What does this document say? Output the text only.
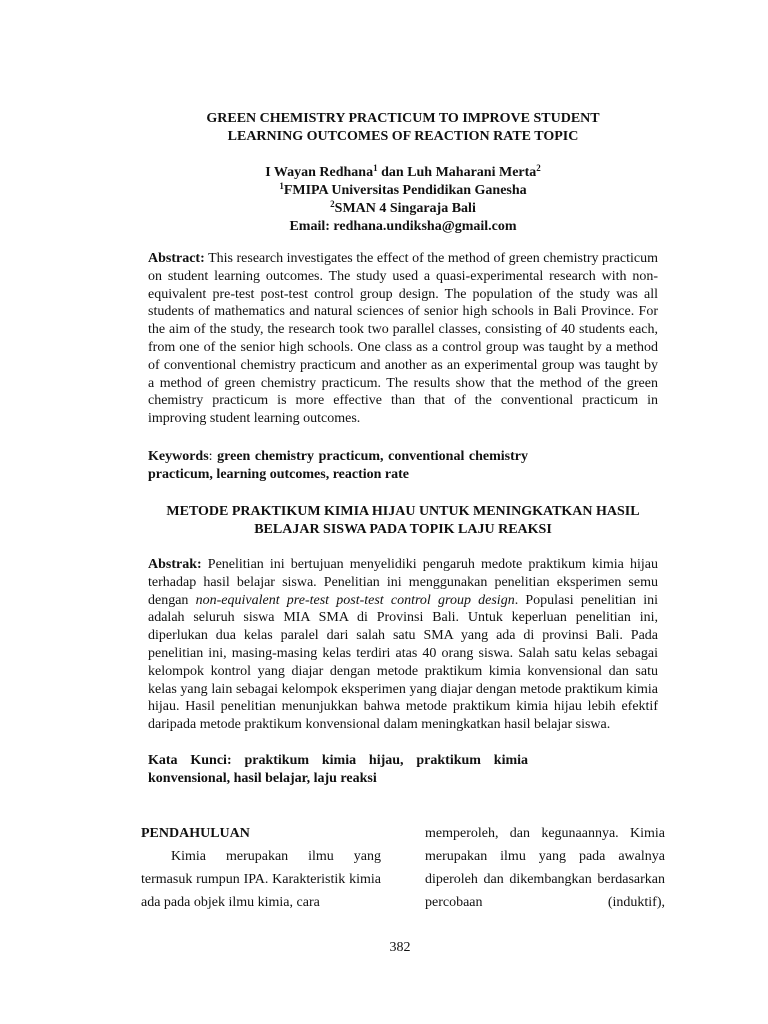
GREEN CHEMISTRY PRACTICUM TO IMPROVE STUDENT
LEARNING OUTCOMES OF REACTION RATE TOPIC
I Wayan Redhana$^1$ dan Luh Maharani Merta$^2$
$^1$FMIPA Universitas Pendidikan Ganesha
$^2$SMAN 4 Singaraja Bali
Email: redhana.undiksha@gmail.com
Abstract: This research investigates the effect of the method of green chemistry practicum on student learning outcomes. The study used a quasi-experimental research with non-equivalent pre-test post-test control group design. The population of the study was all students of mathematics and natural sciences of senior high schools in Bali Province. For the aim of the study, the research took two parallel classes, consisting of 40 students each, from one of the senior high schools. One class as a control group was taught by a method of conventional chemistry practicum and another as an experimental group was taught by a method of green chemistry practicum. The results show that the method of the green chemistry practicum is more effective than that of the conventional practicum in improving student learning outcomes.
Keywords: green chemistry practicum, conventional chemistry practicum, learning outcomes, reaction rate
METODE PRAKTIKUM KIMIA HIJAU UNTUK MENINGKATKAN HASIL
BELAJAR SISWA PADA TOPIK LAJU REAKSI
Abstrak: Penelitian ini bertujuan menyelidiki pengaruh medote praktikum kimia hijau terhadap hasil belajar siswa. Penelitian ini menggunakan penelitian eksperimen semu dengan non-equivalent pre-test post-test control group design. Populasi penelitian ini adalah seluruh siswa MIA SMA di Provinsi Bali. Untuk keperluan penelitian ini, diperlukan dua kelas paralel dari salah satu SMA yang ada di provinsi Bali. Pada penelitian ini, masing-masing kelas terdiri atas 40 orang siswa. Salah satu kelas sebagai kelompok kontrol yang diajar dengan metode praktikum kimia konvensional dan satu kelas yang lain sebagai kelompok eksperimen yang diajar dengan metode praktikum kimia hijau. Hasil penelitian menunjukkan bahwa metode praktikum kimia hijau lebih efektif daripada metode praktikum konvensional dalam meningkatkan hasil belajar siswa.
Kata Kunci: praktikum kimia hijau, praktikum kimia konvensional, hasil belajar, laju reaksi
PENDAHULUAN
Kimia merupakan ilmu yang termasuk rumpun IPA. Karakteristik kimia ada pada objek ilmu kimia, cara
memperoleh, dan kegunaannya. Kimia merupakan ilmu yang pada awalnya diperoleh dan dikembangkan berdasarkan percobaan (induktif),
382
